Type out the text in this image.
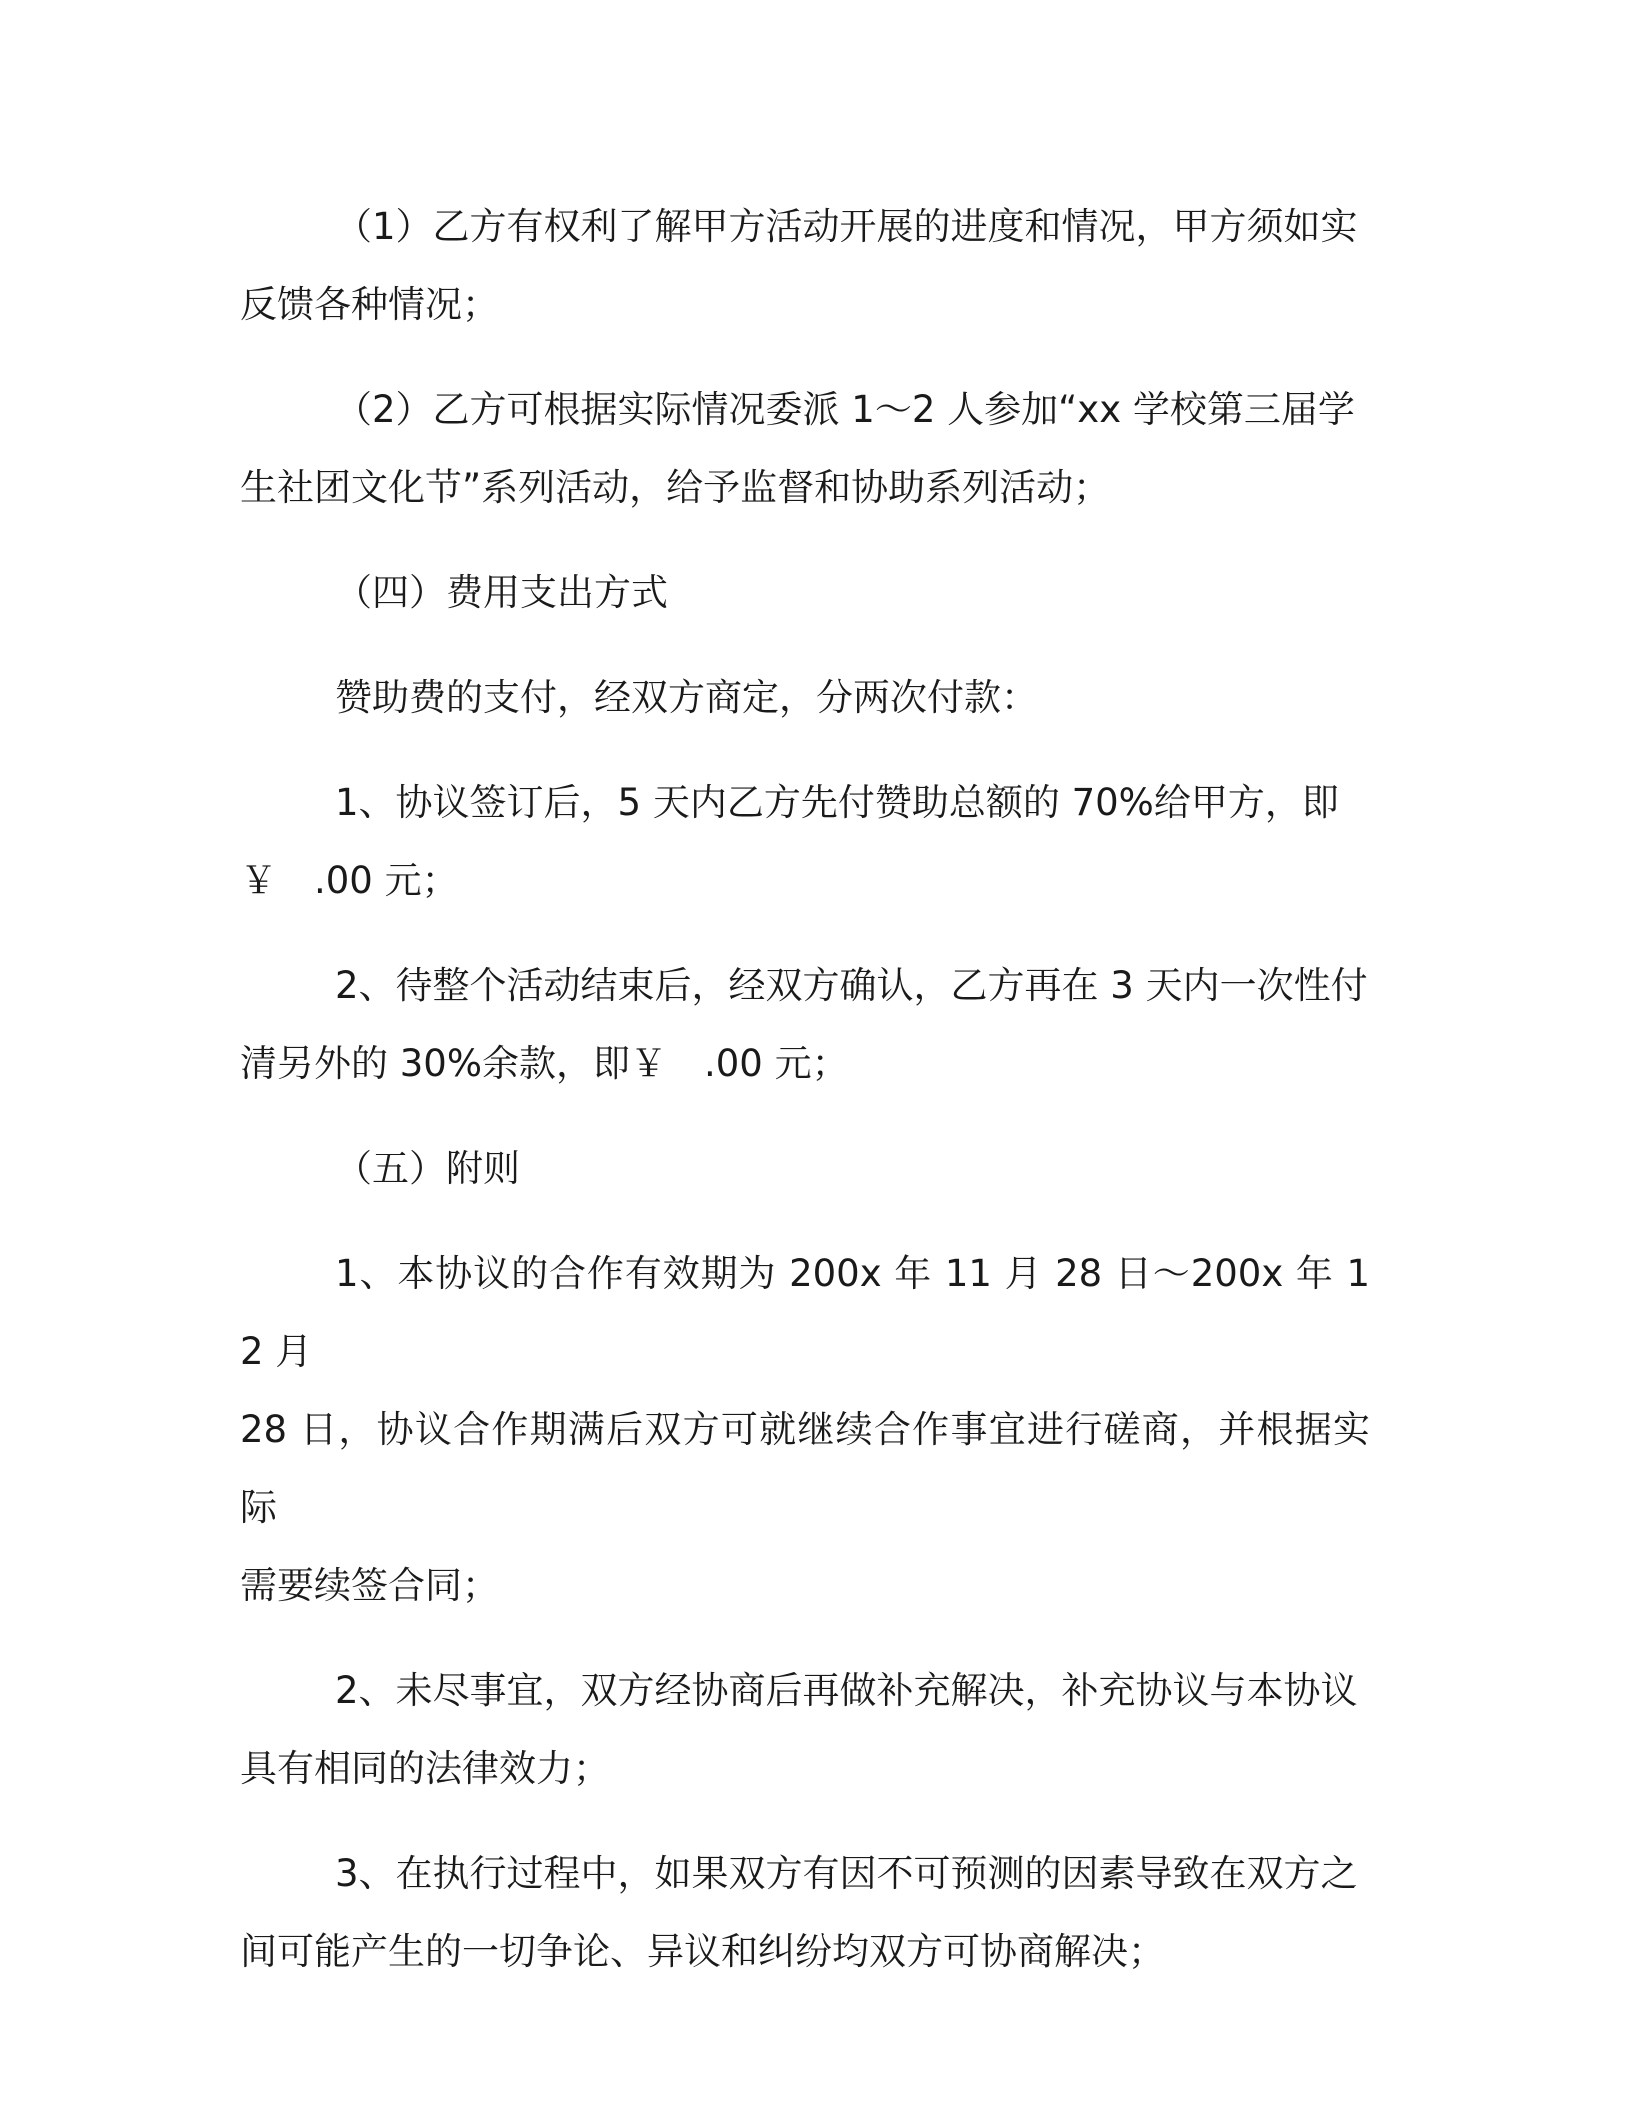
（1）乙方有权利了解甲方活动开展的进度和情况，甲方须如实
反馈各种情况；

（2）乙方可根据实际情况委派 1～2 人参加“xx 学校第三届学
生社团文化节”系列活动，给予监督和协助系列活动；

（四）费用支出方式

赞助费的支付，经双方商定，分两次付款：

1、协议签订后，5 天内乙方先付赞助总额的 70%给甲方，即
￥　.00 元；

2、待整个活动结束后，经双方确认，乙方再在 3 天内一次性付
清另外的 30%余款，即￥　.00 元；

（五）附则

1、本协议的合作有效期为 200x 年 11 月 28 日～200x 年 12 月
28 日，协议合作期满后双方可就继续合作事宜进行磋商，并根据实际
需要续签合同；

2、未尽事宜，双方经协商后再做补充解决，补充协议与本协议
具有相同的法律效力；

3、在执行过程中，如果双方有因不可预测的因素导致在双方之
间可能产生的一切争论、异议和纠纷均双方可协商解决；
